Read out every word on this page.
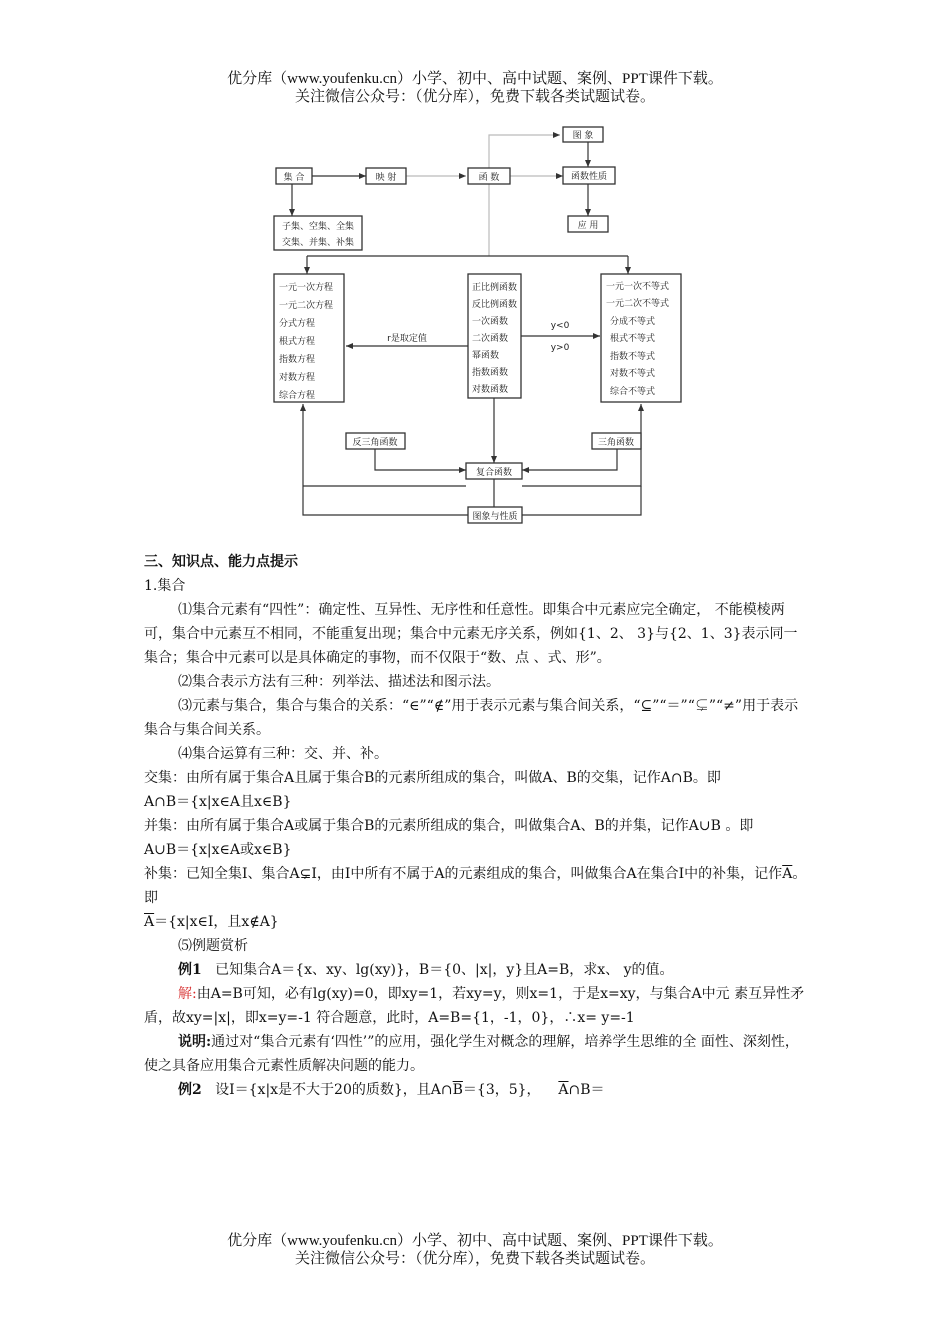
优分库（www.youfenku.cn）小学、初中、高中试题、案例、PPT课件下载。
关注微信公众号：（优分库），免费下载各类试题试卷。
集 合	映 射	函 数
图 象
函数性质
应 用
子集、空集、全集
交集、并集、补集
一元一次方程
一元二次方程
分式方程
根式方程
指数方程
对数方程
综合方程
正比例函数
反比例函数
一次函数
二次函数
幂函数
指数函数
对数函数
一元一次不等式
一元二次不等式
分成不等式
根式不等式
指数不等式
对数不等式
综合不等式
r是取定值
y<0
y>0
反三角函数	三角函数
复合函数
图象与性质

三、知识点、能力点提示

1.集合

⑴集合元素有“四性”：确定性、互异性、无序性和任意性。即集合中元素应完全确定， 不能模棱两可，集合中元素互不相同，不能重复出现；集合中元素无序关系，例如{1、2、 3}与{2、1、3}表示同一集合；集合中元素可以是具体确定的事物，而不仅限于“数、点 、式、形”。

⑵集合表示方法有三种：列举法、描述法和图示法。

⑶元素与集合，集合与集合的关系：“∈”“∉”用于表示元素与集合间关系，“⊆”“＝”“⊊”“≠”用于表示集合与集合间关系。

⑷集合运算有三种：交、并、补。

交集：由所有属于集合A且属于集合B的元素所组成的集合，叫做A、B的交集，记作A∩B。即

A∩B＝{x|x∈A且x∈B}

并集：由所有属于集合A或属于集合B的元素所组成的集合，叫做集合A、B的并集，记作A∪B 。即

A∪B＝{x|x∈A或x∈B}

补集：已知全集I、集合A⊊I，由I中所有不属于A的元素组成的集合，叫做集合A在集合I中的补集，记作$\overline{A}$。即

$\overline{A}=\{x|x\in I$，且x∉A}

⑸例题赏析

例1 已知集合A＝{x、xy、lg(xy)}，B＝{0、|x|，y}且A=B，求x、 y的值。

解:由A=B可知，必有lg(xy)=0，即xy=1，若xy=y，则x=1，于是x=xy，与集合A中元 素互异性矛盾，故xy=|x|，即x=y=-1 符合题意，此时，A=B={1，-1，0}，∴x= y=-1

说明:通过对“集合元素有‘四性’”的应用，强化学生对概念的理解，培养学生思维的全 面性、深刻性，使之具备应用集合元素性质解决问题的能力。

例2 设I＝{x|x是不大于20的质数}，且$A\cap\overline{B}=\{3$，5}， $\overline{A}\cap B=$

优分库（www.youfenku.cn）小学、初中、高中试题、案例、PPT课件下载。
关注微信公众号：（优分库），免费下载各类试题试卷。
